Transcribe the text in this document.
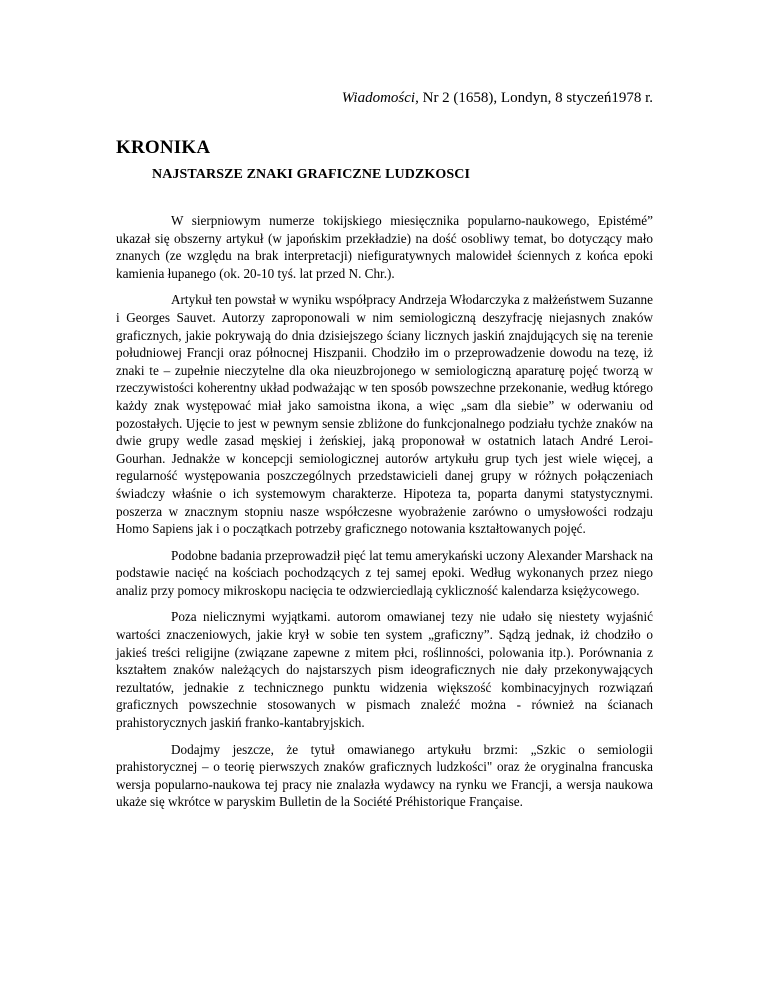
Wiadomości, Nr 2 (1658), Londyn, 8 styczeń1978 r.
KRONIKA
NAJSTARSZE ZNAKI GRAFICZNE LUDZKOSCI

W sierpniowym numerze tokijskiego miesięcznika popularno-naukowego, Epistémé” ukazał się obszerny artykuł (w japońskim przekładzie) na dość osobliwy temat, bo dotyczący mało znanych (ze względu na brak interpretacji) niefiguratywnych malowideł ściennych z końca epoki kamienia łupanego (ok. 20-10 tyś. lat przed N. Chr.).

Artykuł ten powstał w wyniku współpracy Andrzeja Włodarczyka z małżeństwem Suzanne i Georges Sauvet. Autorzy zaproponowali w nim semiologiczną deszyfrację niejasnych znaków graficznych, jakie pokrywają do dnia dzisiejszego ściany licznych jaskiń znajdujących się na terenie południowej Francji oraz północnej Hiszpanii. Chodziło im o przeprowadzenie dowodu na tezę, iż znaki te – zupełnie nieczytelne dla oka nieuzbrojonego w semiologiczną aparaturę pojęć tworzą w rzeczywistości koherentny układ podważając w ten sposób powszechne przekonanie, według którego każdy znak występować miał jako samoistna ikona, a więc „sam dla siebie” w oderwaniu od pozostałych. Ujęcie to jest w pewnym sensie zbliżone do funkcjonalnego podziału tychże znaków na dwie grupy wedle zasad męskiej i żeńskiej, jaką proponował w ostatnich latach André Leroi-Gourhan. Jednakże w koncepcji semiologicznej autorów artykułu grup tych jest wiele więcej, a regularność występowania poszczególnych przedstawicieli danej grupy w różnych połączeniach świadczy właśnie o ich systemowym charakterze. Hipoteza ta, poparta danymi statystycznymi. poszerza w znacznym stopniu nasze współczesne wyobrażenie zarówno o umysłowości rodzaju Homo Sapiens jak i o początkach potrzeby graficznego notowania kształtowanych pojęć.

Podobne badania przeprowadził pięć lat temu amerykański uczony Alexander Marshack na podstawie nacięć na kościach pochodzących z tej samej epoki. Według wykonanych przez niego analiz przy pomocy mikroskopu nacięcia te odzwierciedlają cykliczność kalendarza księżycowego.

Poza nielicznymi wyjątkami. autorom omawianej tezy nie udało się niestety wyjaśnić wartości znaczeniowych, jakie krył w sobie ten system „graficzny”. Sądzą jednak, iż chodziło o jakieś treści religijne (związane zapewne z mitem płci, roślinności, polowania itp.). Porównania z kształtem znaków należących do najstarszych pism ideograficznych nie dały przekonywających rezultatów, jednakie z technicznego punktu widzenia większość kombinacyjnych rozwiązań graficznych powszechnie stosowanych w pismach znaleźć można - również na ścianach prahistorycznych jaskiń franko-kantabryjskich.

Dodajmy jeszcze, że tytuł omawianego artykułu brzmi: „Szkic o semiologii prahistorycznej – o teorię pierwszych znaków graficznych ludzkości" oraz że oryginalna francuska wersja popularno-naukowa tej pracy nie znalazła wydawcy na rynku we Francji, a wersja naukowa ukaże się wkrótce w paryskim Bulletin de la Société Préhistorique Française.
